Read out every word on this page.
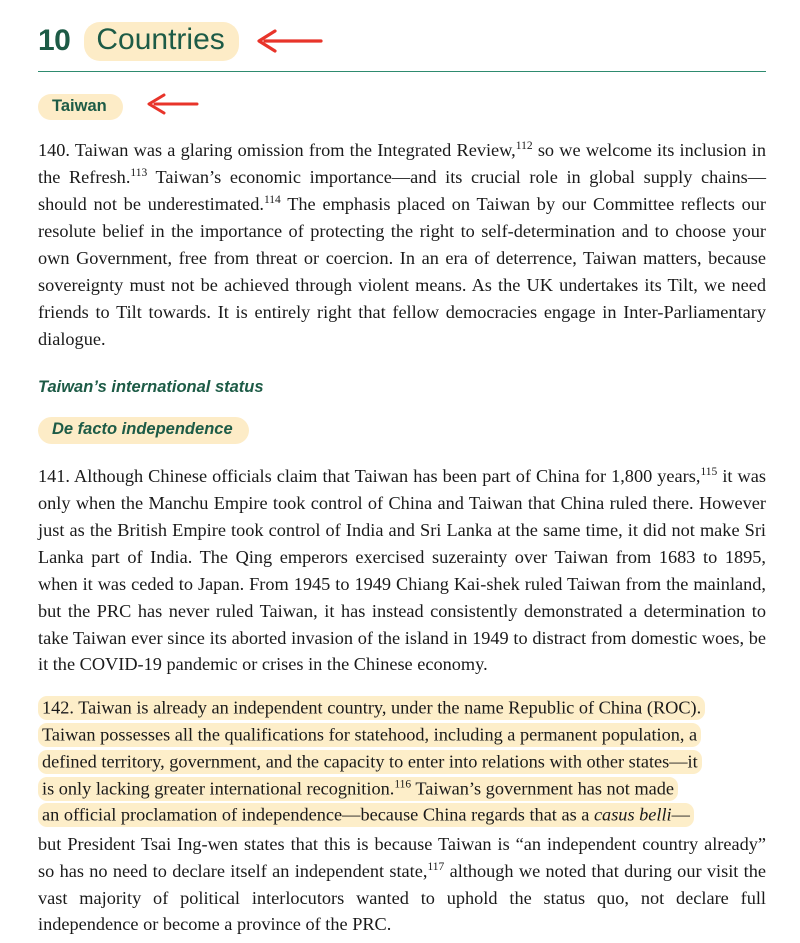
10 Countries
Taiwan

140. Taiwan was a glaring omission from the Integrated Review,$^{112}$ so we welcome its inclusion in the Refresh.$^{113}$ Taiwan’s economic importance—and its crucial role in global supply chains—should not be underestimated.$^{114}$ The emphasis placed on Taiwan by our Committee reflects our resolute belief in the importance of protecting the right to self-determination and to choose your own Government, free from threat or coercion. In an era of deterrence, Taiwan matters, because sovereignty must not be achieved through violent means. As the UK undertakes its Tilt, we need friends to Tilt towards. It is entirely right that fellow democracies engage in Inter-Parliamentary dialogue.

Taiwan’s international status
De facto independence

141. Although Chinese officials claim that Taiwan has been part of China for 1,800 years,$^{115}$ it was only when the Manchu Empire took control of China and Taiwan that China ruled there. However just as the British Empire took control of India and Sri Lanka at the same time, it did not make Sri Lanka part of India. The Qing emperors exercised suzerainty over Taiwan from 1683 to 1895, when it was ceded to Japan. From 1945 to 1949 Chiang Kai-shek ruled Taiwan from the mainland, but the PRC has never ruled Taiwan, it has instead consistently demonstrated a determination to take Taiwan ever since its aborted invasion of the island in 1949 to distract from domestic woes, be it the COVID-19 pandemic or crises in the Chinese economy.

142. Taiwan is already an independent country, under the name Republic of China (ROC).
Taiwan possesses all the qualifications for statehood, including a permanent population, a
defined territory, government, and the capacity to enter into relations with other states—it
is only lacking greater international recognition.$^{116}$ Taiwan’s government has not made
an official proclamation of independence—because China regards that as a casus belli—
but President Tsai Ing-wen states that this is because Taiwan is “an independent country already” so has no need to declare itself an independent state,$^{117}$ although we noted that during our visit the vast majority of political interlocutors wanted to uphold the status quo, not declare full independence or become a province of the PRC.
